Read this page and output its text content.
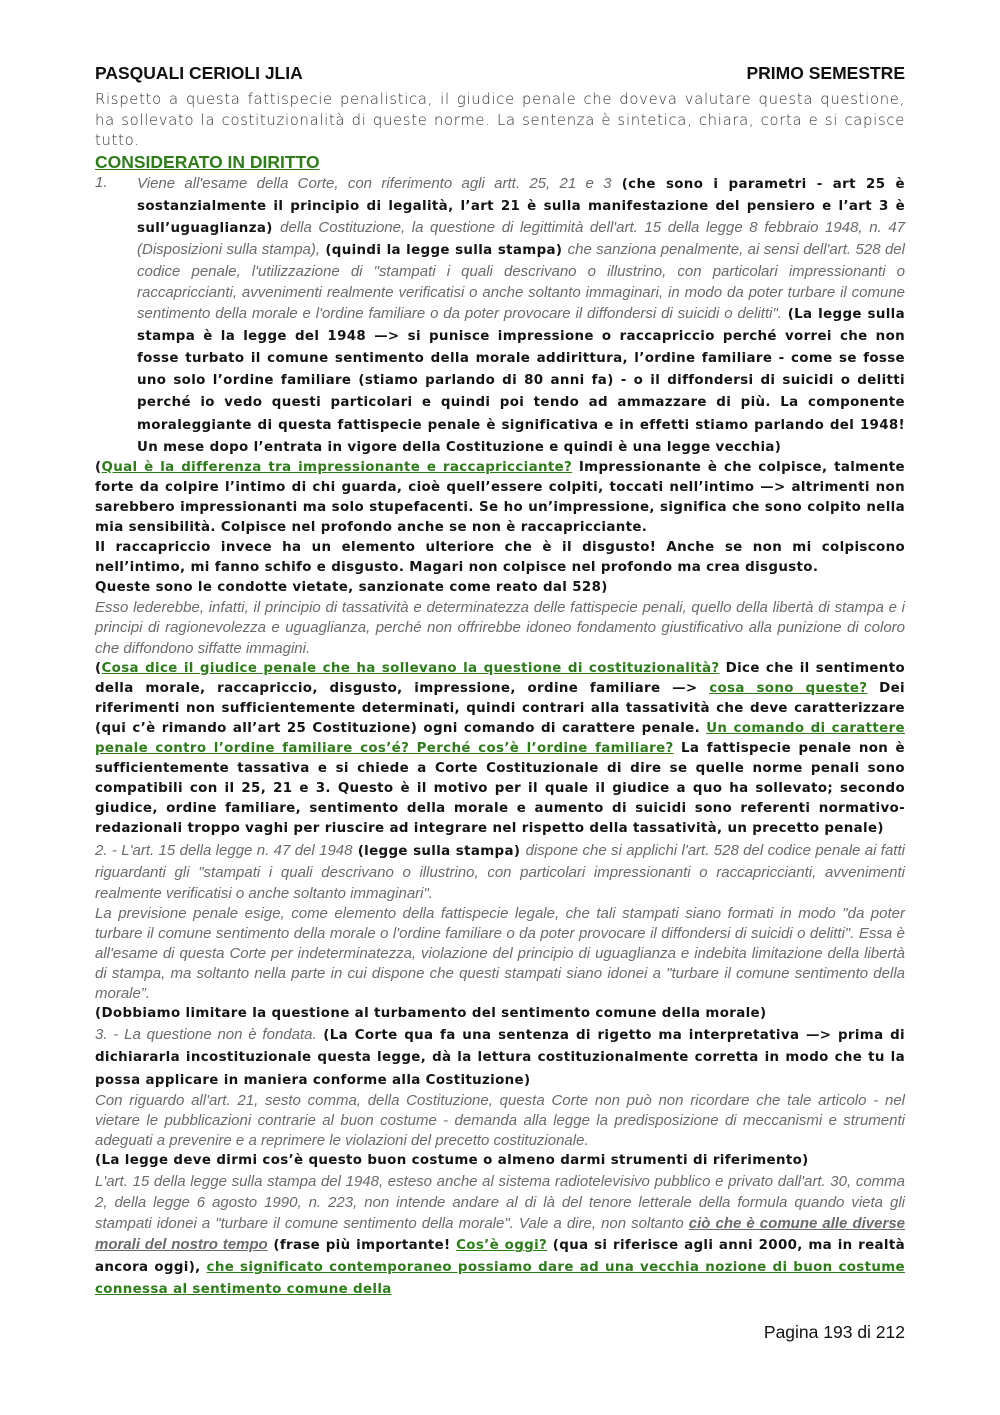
PASQUALI CERIOLI JLIA	PRIMO SEMESTRE

Rispetto a questa fattispecie penalistica, il giudice penale che doveva valutare questa questione, ha sollevato la costituzionalità di queste norme. La sentenza è sintetica, chiara, corta e si capisce tutto.

CONSIDERATO IN DIRITTO
1.	Viene all'esame della Corte, con riferimento agli artt. 25, 21 e 3 (che sono i parametri - art 25 è sostanzialmente il principio di legalità, l’art 21 è sulla manifestazione del pensiero e l’art 3 è sull’uguaglianza) della Costituzione, la questione di legittimità dell'art. 15 della legge 8 febbraio 1948, n. 47 (Disposizioni sulla stampa), (quindi la legge sulla stampa) che sanziona penalmente, ai sensi dell'art. 528 del codice penale, l'utilizzazione di "stampati i quali descrivano o illustrino, con particolari impressionanti o raccapriccianti, avvenimenti realmente verificatisi o anche soltanto immaginari, in modo da poter turbare il comune sentimento della morale e l'ordine familiare o da poter provocare il diffondersi di suicidi o delitti". (La legge sulla stampa è la legge del 1948 —> si punisce impressione o raccapriccio perché vorrei che non fosse turbato il comune sentimento della morale addirittura, l’ordine familiare - come se fosse uno solo l’ordine familiare (stiamo parlando di 80 anni fa) - o il diffondersi di suicidi o delitti perché io vedo questi particolari e quindi poi tendo ad ammazzare di più. La componente moraleggiante di questa fattispecie penale è significativa e in effetti stiamo parlando del 1948! Un mese dopo l’entrata in vigore della Costituzione e quindi è una legge vecchia)

(Qual è la differenza tra impressionante e raccapricciante? Impressionante è che colpisce, talmente forte da colpire l’intimo di chi guarda, cioè quell’essere colpiti, toccati nell’intimo —> altrimenti non sarebbero impressionanti ma solo stupefacenti. Se ho un’impressione, significa che sono colpito nella mia sensibilità. Colpisce nel profondo anche se non è raccapricciante.

Il raccapriccio invece ha un elemento ulteriore che è il disgusto! Anche se non mi colpiscono nell’intimo, mi fanno schifo e disgusto. Magari non colpisce nel profondo ma crea disgusto.

Queste sono le condotte vietate, sanzionate come reato dal 528)

Esso lederebbe, infatti, il principio di tassatività e determinatezza delle fattispecie penali, quello della libertà di stampa e i principi di ragionevolezza e uguaglianza, perché non offrirebbe idoneo fondamento giustificativo alla punizione di coloro che diffondono siffatte immagini.

(Cosa dice il giudice penale che ha sollevano la questione di costituzionalità? Dice che il sentimento della morale, raccapriccio, disgusto, impressione, ordine familiare —> cosa sono queste? Dei riferimenti non sufficientemente determinati, quindi contrari alla tassatività che deve caratterizzare (qui c’è rimando all’art 25 Costituzione) ogni comando di carattere penale. Un comando di carattere penale contro l’ordine familiare cos’é? Perché cos’è l’ordine familiare? La fattispecie penale non è sufficientemente tassativa e si chiede a Corte Costituzionale di dire se quelle norme penali sono compatibili con il 25, 21 e 3. Questo è il motivo per il quale il giudice a quo ha sollevato; secondo giudice, ordine familiare, sentimento della morale e aumento di suicidi sono referenti normativo-redazionali troppo vaghi per riuscire ad integrare nel rispetto della tassatività, un precetto penale)

2. - L'art. 15 della legge n. 47 del 1948 (legge sulla stampa) dispone che si applichi l'art. 528 del codice penale ai fatti riguardanti gli "stampati i quali descrivano o illustrino, con particolari impressionanti o raccapriccianti, avvenimenti realmente verificatisi o anche soltanto immaginari".

La previsione penale esige, come elemento della fattispecie legale, che tali stampati siano formati in modo "da poter turbare il comune sentimento della morale o l'ordine familiare o da poter provocare il diffondersi di suicidi o delitti". Essa è all'esame di questa Corte per indeterminatezza, violazione del principio di uguaglianza e indebita limitazione della libertà di stampa, ma soltanto nella parte in cui dispone che questi stampati siano idonei a "turbare il comune sentimento della morale”.

(Dobbiamo limitare la questione al turbamento del sentimento comune della morale)

3. - La questione non è fondata. (La Corte qua fa una sentenza di rigetto ma interpretativa —> prima di dichiararla incostituzionale questa legge, dà la lettura costituzionalmente corretta in modo che tu la possa applicare in maniera conforme alla Costituzione)

Con riguardo all'art. 21, sesto comma, della Costituzione, questa Corte non può non ricordare che tale articolo - nel vietare le pubblicazioni contrarie al buon costume - demanda alla legge la predisposizione di meccanismi e strumenti adeguati a prevenire e a reprimere le violazioni del precetto costituzionale.

(La legge deve dirmi cos’è questo buon costume o almeno darmi strumenti di riferimento)

L'art. 15 della legge sulla stampa del 1948, esteso anche al sistema radiotelevisivo pubblico e privato dall'art. 30, comma 2, della legge 6 agosto 1990, n. 223, non intende andare al di là del tenore letterale della formula quando vieta gli stampati idonei a "turbare il comune sentimento della morale". Vale a dire, non soltanto ciò che è comune alle diverse morali del nostro tempo (frase più importante! Cos’è oggi? (qua si riferisce agli anni 2000, ma in realtà ancora oggi), che significato contemporaneo possiamo dare ad una vecchia nozione di buon costume connessa al sentimento comune della

Pagina 193 di 212
